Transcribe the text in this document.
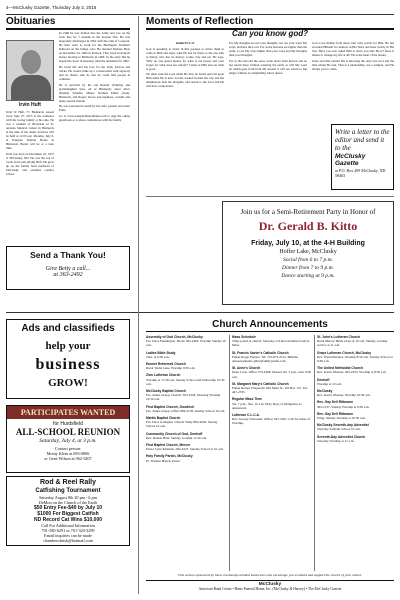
4—McClusky Gazette, Thursday July 2, 2015
Obituaries
Irvin Huft

Irvin W. Huft, 77, Bismarck, passed away June 27, 2015 at his residence with his loving family at his side. He was a resident of Riverside of St. Alexius Medical Center in Bismarck at the time of his death. Services will be held at 11:00 a.m. Monday, July 6, at Eastgate Funeral Home in Bismarck. Burial will be at a later time.

Irvin was born on December 18, 1937 at McClusky, ND. He was the son of Jacob and Lydia (Roth) Huft. He grew up on the family farm northeast of McClusky and attended country school.

In 1960 he was drafted into the Army and was on the front line for 7 months in the Korean War. He was honorably discharged in 1962 with the rank of Corporal. He then went to work for the Burlington Northern Railroad on the bridge crew. He married Darlene Hoyt on December 24, 1962 in Pollock. They lived in Pollock before moving to Bismarck in 1966. In the early 60s he began his career in masonry, until his retirement in 1992.

He loved life and his love for the farm, tractors and trucks. He would strike up a conversation with anybody and no matter who he met he could find people in common.

He is survived by his son Russell (Tammy) and granddaughter Sara, all of Bismarck; sister Alice (Daniel) Schlafle, Minot; brothers Elmer (Jean), Bismarck, and Roger; nieces and nephews, cousins and many special friends.

He was preceded in death by his wife, parents and sister Edna.

Go to www.eastgatefuneralhome.com to sign the online guestbook or to share condolences with the family.

Send a Thank You!
Give Betty a call...
at 363-2492
Moments of Reflection
Can you know god?

Isaiah 55:1-13

God is speaking to Israel in this passage to invite them to come to Him and enjoy what He has for them, to the one who is thirsty, who has no money: Come, buy and eat. He says, 'Why do you spend money for what is not bread, and your wages for what does not satisfy?' Listen to Him and eat what is good.

We must seek the Lord while He may be found and call upon Him while He is near. Let the wicked forsake his way and the unrighteous man his thoughts, and return to the Lord and He will have compassion.

For My thoughts are not your thoughts, nor are your ways My ways, declares the Lord. For as the heavens are higher than the earth, so are My ways higher than your ways and My thoughts than your thoughts.

For as the rain and the snow come down from heaven and do not return there without watering the earth, so will My word be which goes forth from My mouth; it will not return to Me empty without accomplishing what I desire.

God is not hidden from those who truly search for Him. He has revealed Himself in creation, in His Word and most clearly in His Son. Have you ever asked Him to show you who He is? Does it matter or change my life at all? He is the heart of the matter.

Jesus said that eternal life is knowing the only true God and the One whom He sent. That is a relationship, not a religion, and He invites you to come.

Write a letter to the editor and send it to the
McClusky Gazette
at P.O. Box 499 McClusky, ND 58463
Join us for a Semi-Retirement Party in Honor of
Dr. Gerald B. Kitto
Friday, July 10, at the 4-H Building
Hoffer Lake, McClusky
Social from 6 to 7 p.m.
Dinner from 7 to 9 p.m.
Dance starting at 9 p.m.
Ads and classifieds
help your
business
GROW!
PARTICIPATES WANTED
for Hurdsfield
ALL-SCHOOL REUNION
Saturday, July 4, at 3 p.m.
Contact person:
Monty Klein at 693-6806
or Gene Wilson at 962-3407
Rod & Reel Rally
Catfishing Tournament
Saturday August 8th 20 pm - 6 pm
DeMon on the Church of the Earth
$50 Entry Fee-$40 by July 10
$1000 For Biggest Catfish
ND Record Cat Wins $10,000
Call For Additional Information
701-580-6291 or 701-320-3299
Email inquiries can be made
chamberofnisk@hotmail.com
Church Announcements
Assembly of God Church, McClusky
Pas. Dave Fennington. Phone 363-2404. Worship Sunday 10 a.m.
Ladies Bible Study
Tues. at 6:30 a.m.
Emmet Reformed Church
Rural Turtle Lake. Worship 9:30 a.m.
Zion Lutheran Church
Worship at 11:30 a.m. Sunday School and fellowship 10:30 a.m.
McClusky Baptist Church
Pas. James Grupp. Church: 363-2326. Morning Worship 10:30 a.m.
First Baptist Church, Goodrich
Pas. James Grupp. Office 884-2139. Sunday School 10 a.m.
Martin Baptist Church
Pas. Dave Gallagher. Church Study 884-2634. Sunday School 10 a.m.
Community Church of God, Denhoff
Rev. Dennis Haut. Sunday worship 11:30 a.m.
First Baptist Church, Mercer
Pastor Lynn Kitzman. 582-4227. Sunday School at 10 a.m.
Holy Family Parish, McClusky
Fr. Thomas Hauch, Pastor
Mass Schedule
Time posted at church. Saturday at 6 Reconciliation before Mass.
St. Francis Xavier's Catholic Church
Father Roger Fenster. Tel: 701-873-2122. Bulletin announcements @holyfamilyparish.com.
St. Anne's Church
Dean Cook. Office 573-4268. Masses Sat. 5 p.m., Sun. 8:30 a.m.
St. Margaret Mary's Catholic Church
Father Robert Fitzgerald. 902 Main St., PO Box 127. Tel. 447-2335.
Regular Mass Time
Sat. 7 p.m., Sun. 10 a.m. Holy Days of Obligation as announced.
Lutheran C.L.C.A.
Rev. George Schroeder. Office: 947-2261. Call for times of Worship.
St. John's Lutheran Church
Rural Mercer. Bible Class at 10 a.m. Sunday worship service at 11 a.m.
Grace Lutheran Church, McClusky
Rev. Wynn Bernard. Worship 8:30 a.m. Sunday School at 9:30 a.m.
The United Methodist Church
Rev. Karen Wiesner. 363-2433. Worship at 8:30 a.m.
Denhoff
Worship at 10 a.m.
McClusky
Rev. Karen Wiesner. Worship 10:30 a.m.
Rev. Gay Dell Rittmann
363-2137. Sunday Worship at 9:30 a.m.
Rev. Gay Dell Rittmann
Wing. Sunday Worship at 10:30 a.m.
McClusky Seventh-day Adventist
Saturday Sabbath School 10 a.m.
Seventh-Day Adventist Church
Saturday Worship at 11 a.m.
This section sponsored by these community-minded businesses who encourage you to attend and support the church of your choice.
McClusky
American Bank Center • Hartz Funeral Home, Inc. (McClusky & Harvey) • The McClusky Gazette
